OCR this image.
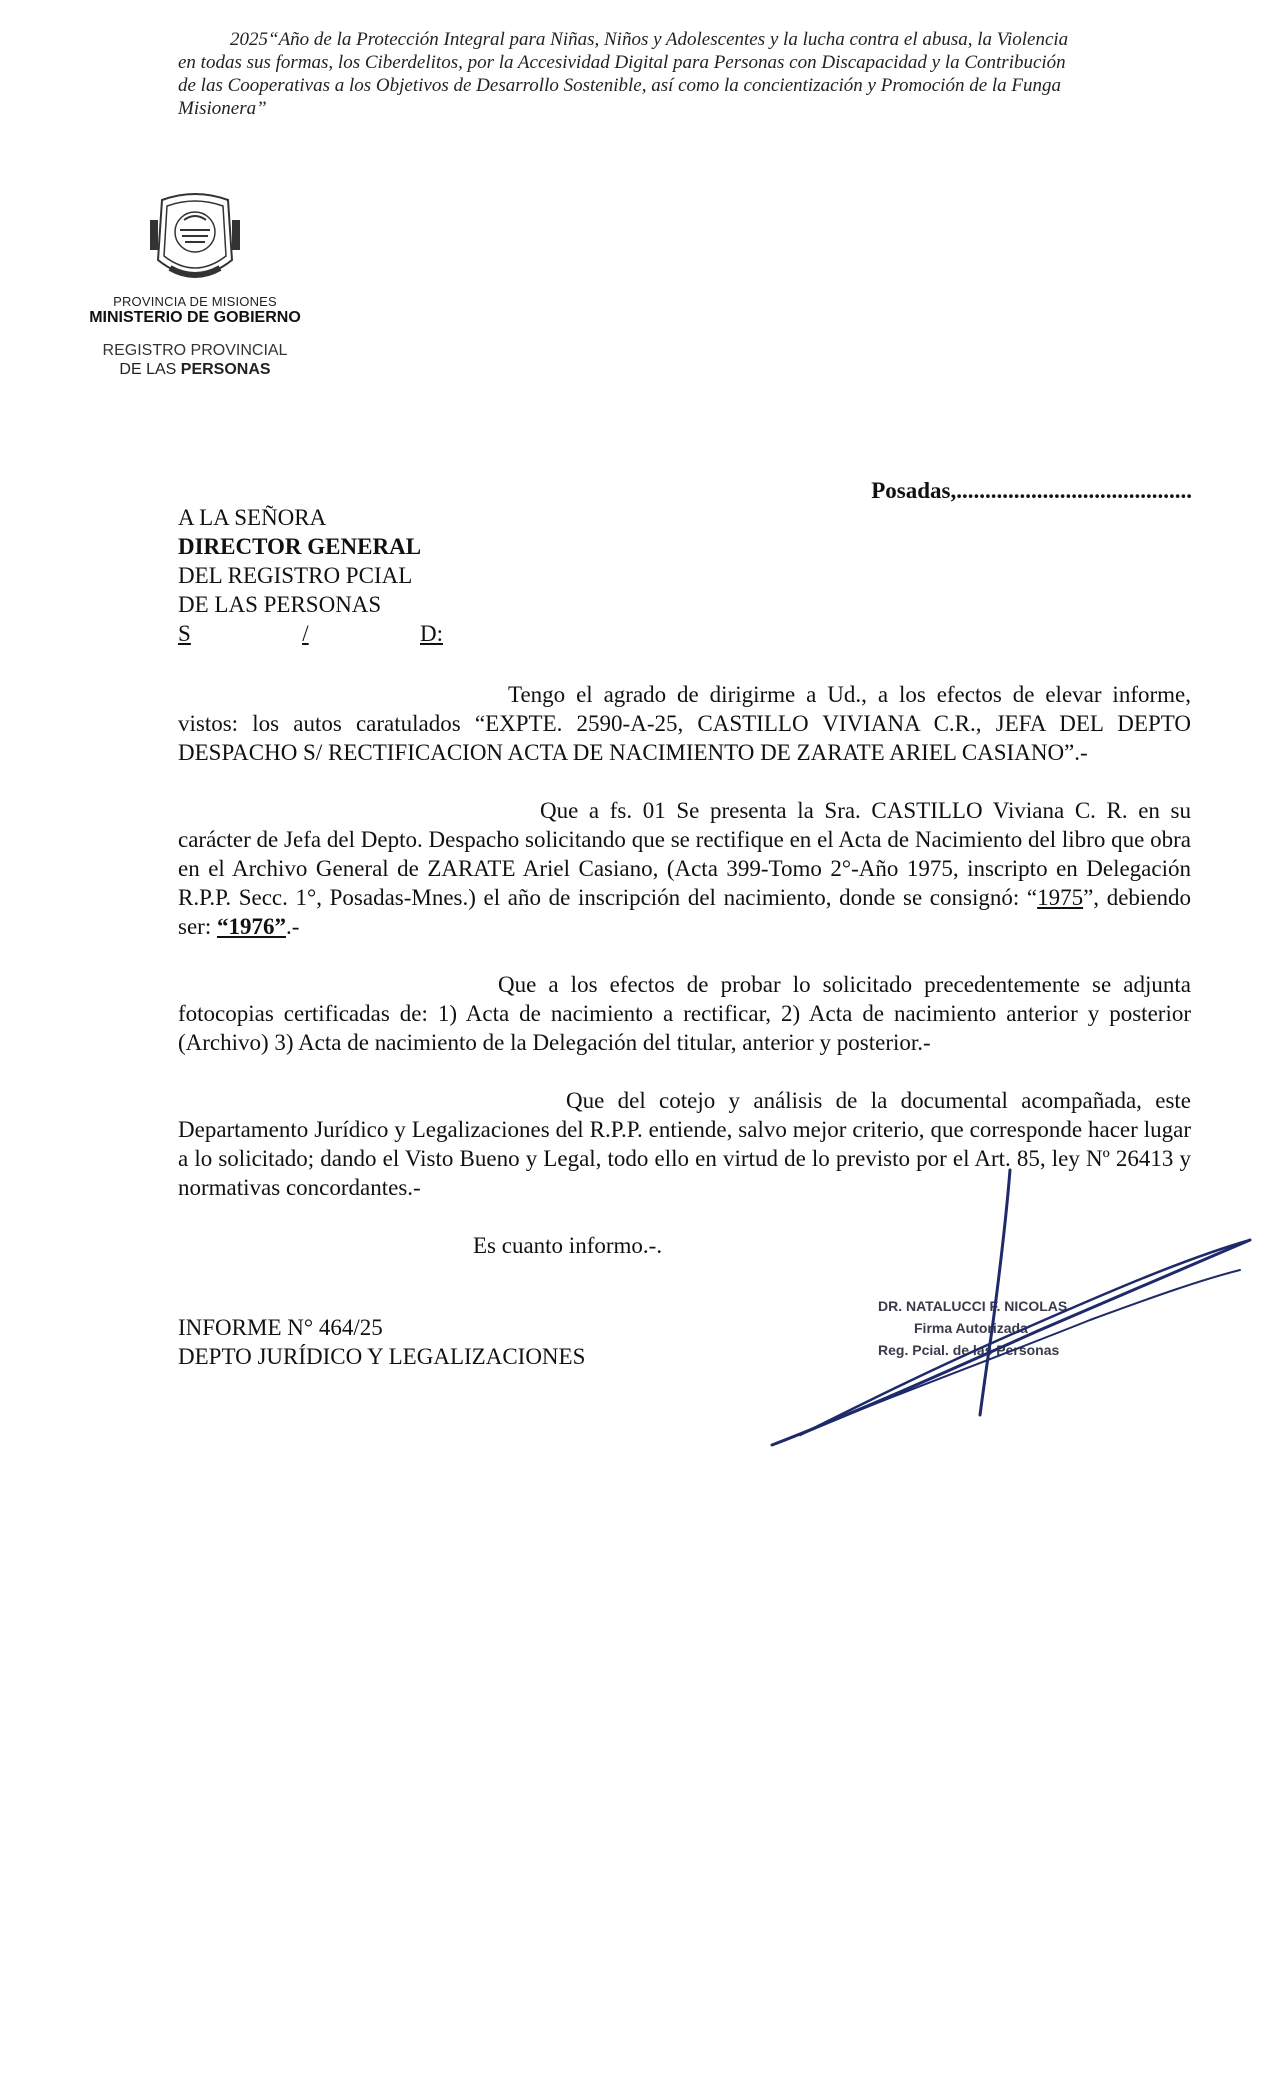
2025“Año de la Protección Integral para Niñas, Niños y Adolescentes y la lucha contra el abusa, la Violencia

en todas sus formas, los Ciberdelitos, por la Accesividad Digital para Personas con Discapacidad y la Contribución

de las Cooperativas a los Objetivos de Desarrollo Sostenible, así como la concientización y Promoción de la Funga

Misionera”

PROVINCIA DE MISIONES
MINISTERIO DE GOBIERNO
REGISTRO PROVINCIAL
DE LAS PERSONAS
Posadas,.........................................
A LA SEÑORA
DIRECTOR GENERAL
DEL REGISTRO PCIAL
DE LAS PERSONAS
S	/	D:

Tengo el agrado de dirigirme a Ud., a los efectos de elevar informe, vistos: los autos caratulados “EXPTE. 2590-A-25, CASTILLO VIVIANA C.R., JEFA DEL DEPTO DESPACHO S/ RECTIFICACION ACTA DE NACIMIENTO DE ZARATE ARIEL CASIANO”.-

Que a fs. 01 Se presenta la Sra. CASTILLO Viviana C. R. en su carácter de Jefa del Depto. Despacho solicitando que se rectifique en el Acta de Nacimiento del libro que obra en el Archivo General de ZARATE Ariel Casiano, (Acta 399-Tomo 2°-Año 1975, inscripto en Delegación R.P.P. Secc. 1°, Posadas-Mnes.) el año de inscripción del nacimiento, donde se consignó: “1975”, debiendo ser: “1976”.-

Que a los efectos de probar lo solicitado precedentemente se adjunta fotocopias certificadas de: 1) Acta de nacimiento a rectificar, 2) Acta de nacimiento anterior y posterior (Archivo) 3) Acta de nacimiento de la Delegación del titular, anterior y posterior.-

Que del cotejo y análisis de la documental acompañada, este Departamento Jurídico y Legalizaciones del R.P.P. entiende, salvo mejor criterio, que corresponde hacer lugar a lo solicitado; dando el Visto Bueno y Legal, todo ello en virtud de lo previsto por el Art. 85, ley Nº 26413 y normativas concordantes.-

Es cuanto informo.-.

INFORME N° 464/25
DEPTO JURÍDICO Y LEGALIZACIONES
DR. NATALUCCI F. NICOLAS
Firma Autorizada
Reg. Pcial. de las Personas
